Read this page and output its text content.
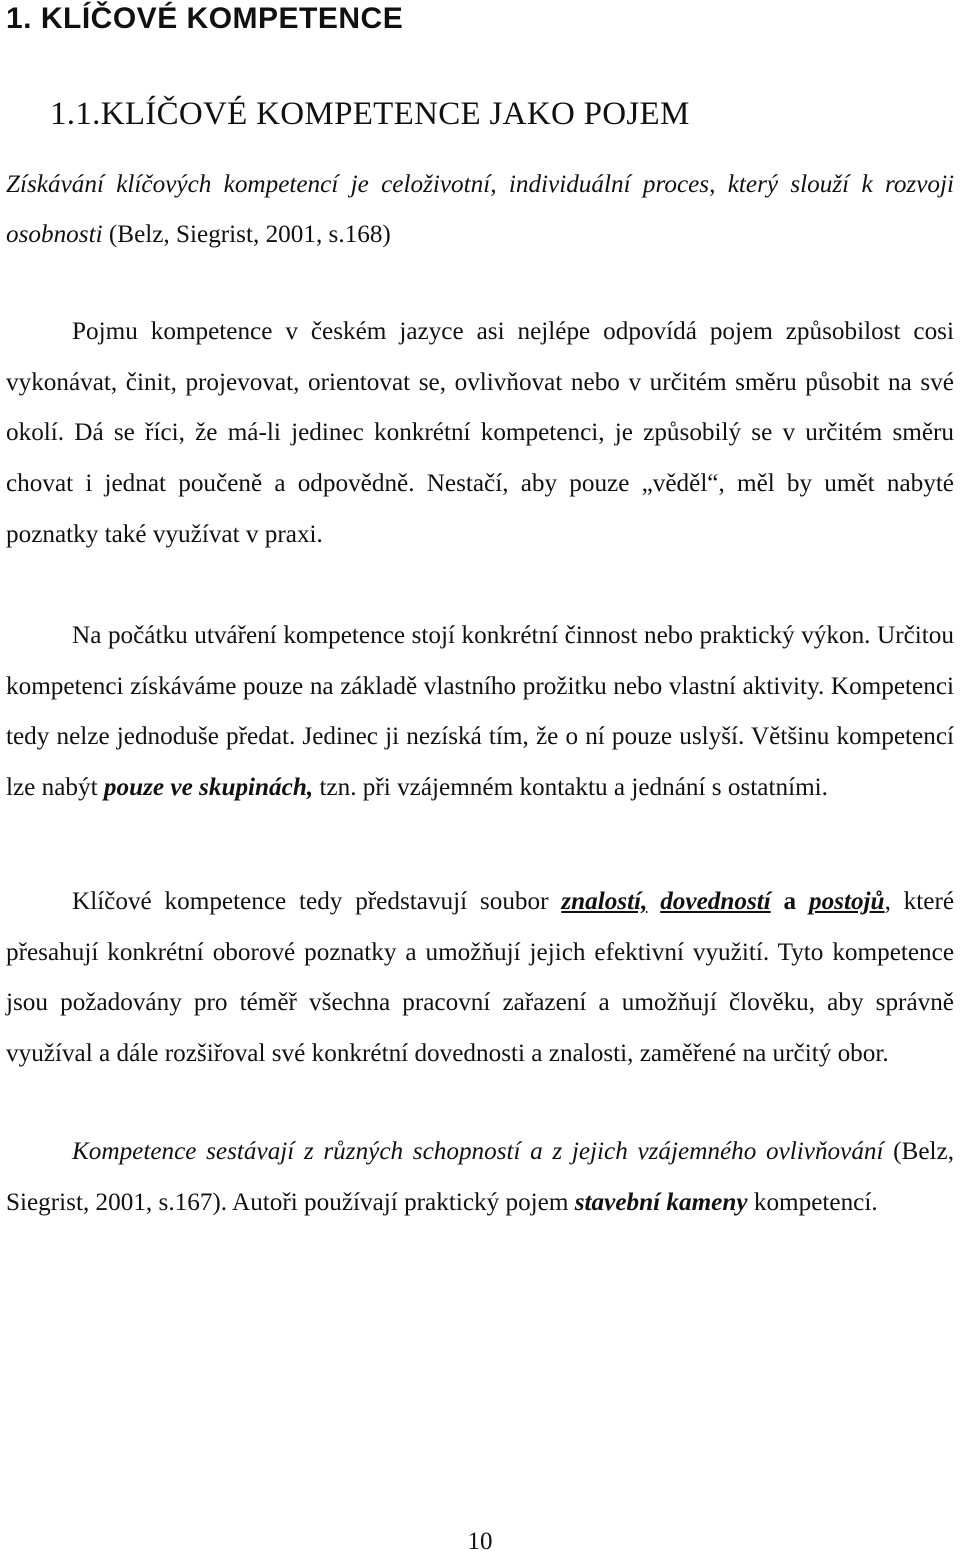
1. KLÍČOVÉ KOMPETENCE
1.1.KLÍČOVÉ KOMPETENCE JAKO POJEM

Získávání klíčových kompetencí je celoživotní, individuální proces, který slouží k rozvoji osobnosti (Belz, Siegrist, 2001, s.168)

Pojmu kompetence v českém jazyce asi nejlépe odpovídá pojem způsobilost cosi vykonávat, činit, projevovat, orientovat se, ovlivňovat nebo v určitém směru působit na své okolí. Dá se říci, že má-li jedinec konkrétní kompetenci, je způsobilý se v určitém směru chovat i jednat poučeně a odpovědně. Nestačí, aby pouze „věděl“, měl by umět nabyté poznatky také využívat v praxi.

Na počátku utváření kompetence stojí konkrétní činnost nebo praktický výkon. Určitou kompetenci získáváme pouze na základě vlastního prožitku nebo vlastní aktivity. Kompetenci tedy nelze jednoduše předat. Jedinec ji nezíská tím, že o ní pouze uslyší. Většinu kompetencí lze nabýt pouze ve skupinách, tzn. při vzájemném kontaktu a jednání s ostatními.

Klíčové kompetence tedy představují soubor znalostí, dovedností a postojů, které přesahují konkrétní oborové poznatky a umožňují jejich efektivní využití. Tyto kompetence jsou požadovány pro téměř všechna pracovní zařazení a umožňují člověku, aby správně využíval a dále rozšiřoval své konkrétní dovednosti a znalosti, zaměřené na určitý obor.

Kompetence sestávají z různých schopností a z jejich vzájemného ovlivňování (Belz, Siegrist, 2001, s.167). Autoři používají praktický pojem stavební kameny kompetencí.

10
